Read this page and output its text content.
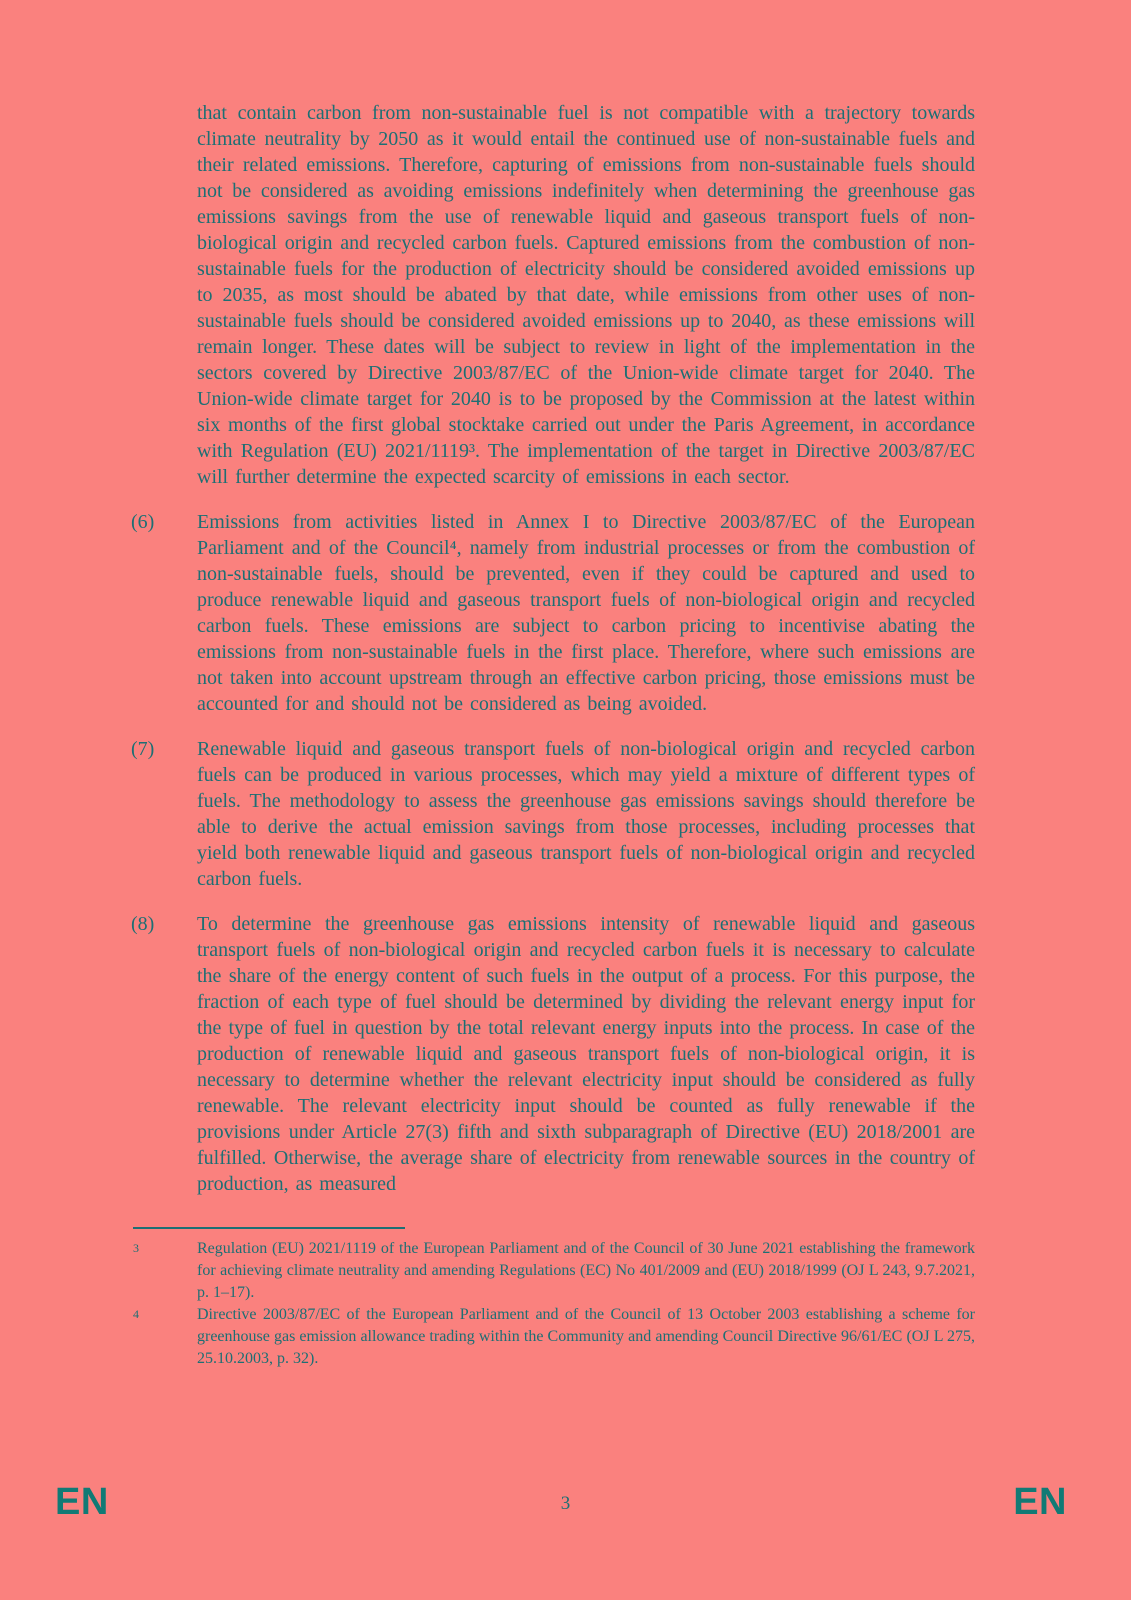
that contain carbon from non-sustainable fuel is not compatible with a trajectory towards climate neutrality by 2050 as it would entail the continued use of non-sustainable fuels and their related emissions. Therefore, capturing of emissions from non-sustainable fuels should not be considered as avoiding emissions indefinitely when determining the greenhouse gas emissions savings from the use of renewable liquid and gaseous transport fuels of non-biological origin and recycled carbon fuels. Captured emissions from the combustion of non-sustainable fuels for the production of electricity should be considered avoided emissions up to 2035, as most should be abated by that date, while emissions from other uses of non-sustainable fuels should be considered avoided emissions up to 2040, as these emissions will remain longer. These dates will be subject to review in light of the implementation in the sectors covered by Directive 2003/87/EC of the Union-wide climate target for 2040. The Union-wide climate target for 2040 is to be proposed by the Commission at the latest within six months of the first global stocktake carried out under the Paris Agreement, in accordance with Regulation (EU) 2021/1119³. The implementation of the target in Directive 2003/87/EC will further determine the expected scarcity of emissions in each sector.
(6) Emissions from activities listed in Annex I to Directive 2003/87/EC of the European Parliament and of the Council⁴, namely from industrial processes or from the combustion of non-sustainable fuels, should be prevented, even if they could be captured and used to produce renewable liquid and gaseous transport fuels of non-biological origin and recycled carbon fuels. These emissions are subject to carbon pricing to incentivise abating the emissions from non-sustainable fuels in the first place. Therefore, where such emissions are not taken into account upstream through an effective carbon pricing, those emissions must be accounted for and should not be considered as being avoided.
(7) Renewable liquid and gaseous transport fuels of non-biological origin and recycled carbon fuels can be produced in various processes, which may yield a mixture of different types of fuels. The methodology to assess the greenhouse gas emissions savings should therefore be able to derive the actual emission savings from those processes, including processes that yield both renewable liquid and gaseous transport fuels of non-biological origin and recycled carbon fuels.
(8) To determine the greenhouse gas emissions intensity of renewable liquid and gaseous transport fuels of non-biological origin and recycled carbon fuels it is necessary to calculate the share of the energy content of such fuels in the output of a process. For this purpose, the fraction of each type of fuel should be determined by dividing the relevant energy input for the type of fuel in question by the total relevant energy inputs into the process. In case of the production of renewable liquid and gaseous transport fuels of non-biological origin, it is necessary to determine whether the relevant electricity input should be considered as fully renewable. The relevant electricity input should be counted as fully renewable if the provisions under Article 27(3) fifth and sixth subparagraph of Directive (EU) 2018/2001 are fulfilled. Otherwise, the average share of electricity from renewable sources in the country of production, as measured
3	Regulation (EU) 2021/1119 of the European Parliament and of the Council of 30 June 2021 establishing the framework for achieving climate neutrality and amending Regulations (EC) No 401/2009 and (EU) 2018/1999 (OJ L 243, 9.7.2021, p. 1–17).
4	Directive 2003/87/EC of the European Parliament and of the Council of 13 October 2003 establishing a scheme for greenhouse gas emission allowance trading within the Community and amending Council Directive 96/61/EC (OJ L 275, 25.10.2003, p. 32).
EN	EN
3
